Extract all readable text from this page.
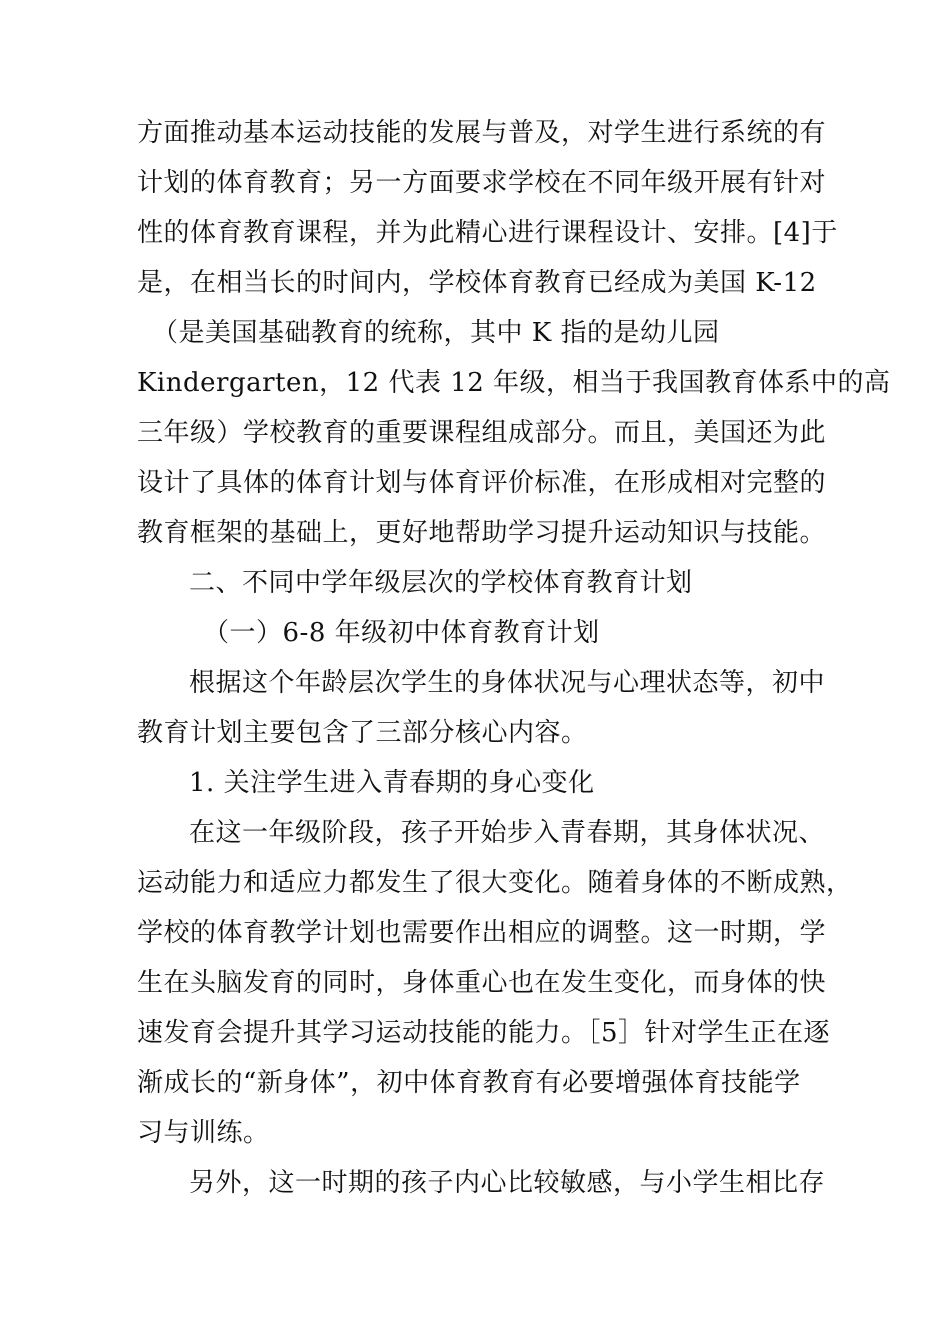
方面推动基本运动技能的发展与普及，对学生进行系统的有
计划的体育教育；另一方面要求学校在不同年级开展有针对
性的体育教育课程，并为此精心进行课程设计、安排。[4]于
是，在相当长的时间内，学校体育教育已经成为美国 K-12
（是美国基础教育的统称，其中 K 指的是幼儿园
Kindergarten，12 代表 12 年级，相当于我国教育体系中的高
三年级）学校教育的重要课程组成部分。而且，美国还为此
设计了具体的体育计划与体育评价标准，在形成相对完整的
教育框架的基础上，更好地帮助学习提升运动知识与技能。
二、不同中学年级层次的学校体育教育计划
（一）6-8 年级初中体育教育计划
根据这个年龄层次学生的身体状况与心理状态等，初中
教育计划主要包含了三部分核心内容。
1. 关注学生进入青春期的身心变化
在这一年级阶段，孩子开始步入青春期，其身体状况、
运动能力和适应力都发生了很大变化。随着身体的不断成熟，
学校的体育教学计划也需要作出相应的调整。这一时期，学
生在头脑发育的同时，身体重心也在发生变化，而身体的快
速发育会提升其学习运动技能的能力。［5］针对学生正在逐
渐成长的“新身体”，初中体育教育有必要增强体育技能学
习与训练。
另外，这一时期的孩子内心比较敏感，与小学生相比存
